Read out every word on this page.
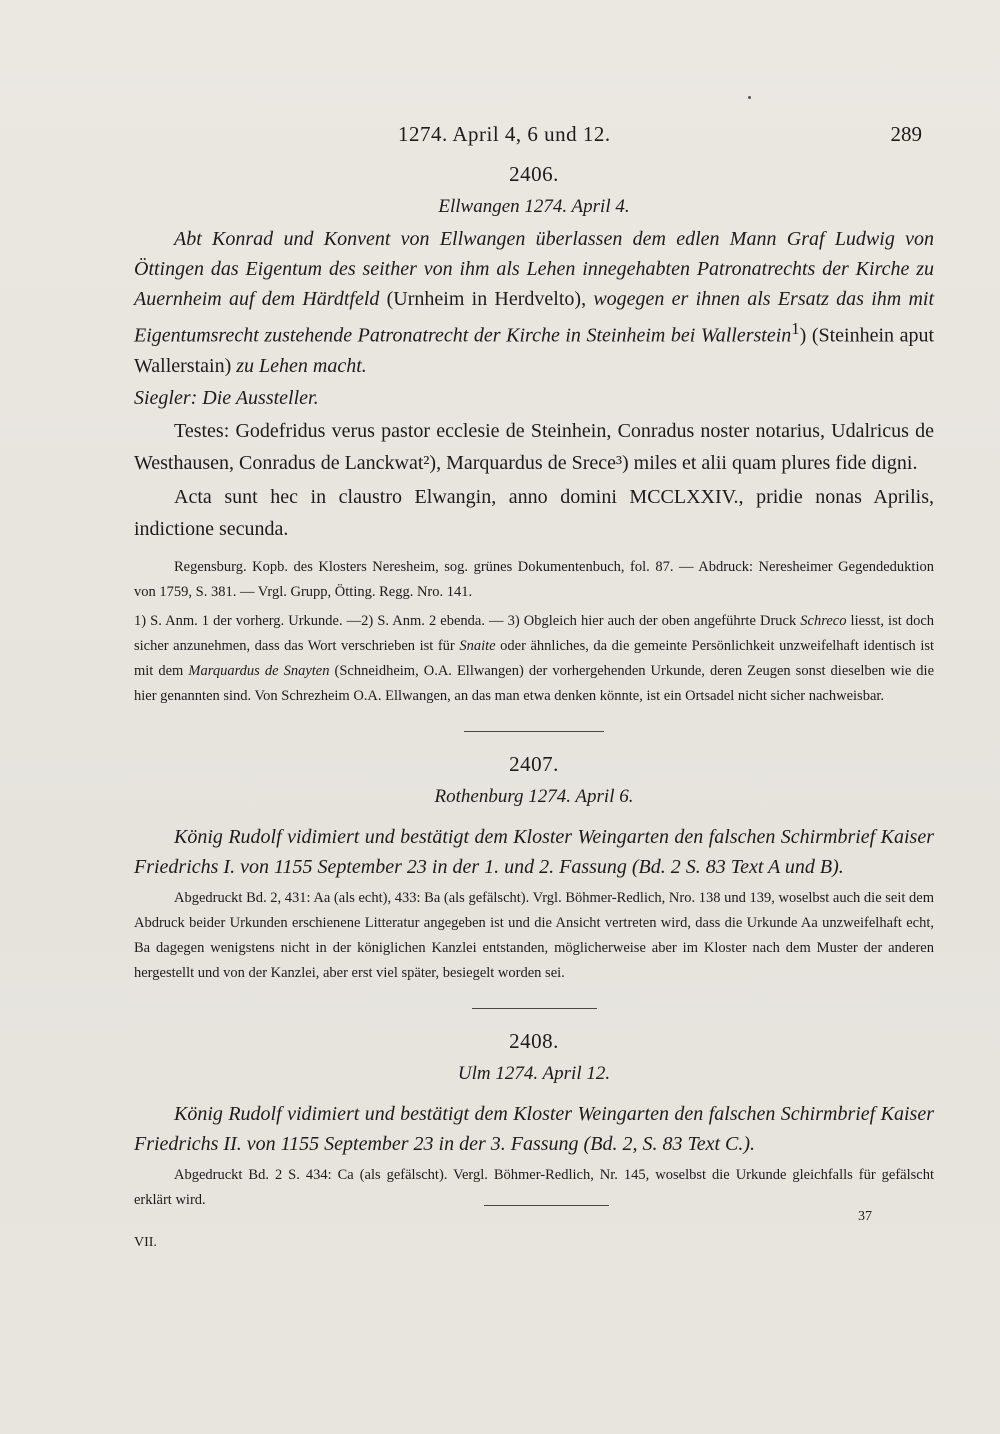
1274. April 4, 6 und 12.	289
2406.
Ellwangen 1274. April 4.
Abt Konrad und Konvent von Ellwangen überlassen dem edlen Mann Graf Ludwig von Öttingen das Eigentum des seither von ihm als Lehen innegehabten Patronatrechts der Kirche zu Auernheim auf dem Härdtfeld (Urnheim in Herdvelto), wogegen er ihnen als Ersatz das ihm mit Eigentumsrecht zustehende Patronatrecht der Kirche in Steinheim bei Wallerstein$^1$) (Steinhein aput Wallerstain) zu Lehen macht.
Siegler: Die Aussteller.
Testes: Godefridus verus pastor ecclesie de Steinhein, Conradus noster notarius, Udalricus de Westhausen, Conradus de Lanckwat²), Marquardus de Srece³) miles et alii quam plures fide digni.
Acta sunt hec in claustro Elwangin, anno domini MCCLXXIV., pridie nonas Aprilis, indictione secunda.
Regensburg. Kopb. des Klosters Neresheim, sog. grünes Dokumentenbuch, fol. 87. — Abdruck: Neresheimer Gegendeduktion von 1759, S. 381. — Vrgl. Grupp, Ötting. Regg. Nro. 141.
1) S. Anm. 1 der vorherg. Urkunde. —2) S. Anm. 2 ebenda. — 3) Obgleich hier auch der oben angeführte Druck Schreco liesst, ist doch sicher anzunehmen, dass das Wort verschrieben ist für Snaite oder ähnliches, da die gemeinte Persönlichkeit unzweifelhaft identisch ist mit dem Marquardus de Snayten (Schneidheim, O.A. Ellwangen) der vorhergehenden Urkunde, deren Zeugen sonst dieselben wie die hier genannten sind. Von Schrezheim O.A. Ellwangen, an das man etwa denken könnte, ist ein Ortsadel nicht sicher nachweisbar.
2407.
Rothenburg 1274. April 6.
König Rudolf vidimiert und bestätigt dem Kloster Weingarten den falschen Schirmbrief Kaiser Friedrichs I. von 1155 September 23 in der 1. und 2. Fassung (Bd. 2 S. 83 Text A und B).
Abgedruckt Bd. 2, 431: Aa (als echt), 433: Ba (als gefälscht). Vrgl. Böhmer-Redlich, Nro. 138 und 139, woselbst auch die seit dem Abdruck beider Urkunden erschienene Litteratur angegeben ist und die Ansicht vertreten wird, dass die Urkunde Aa unzweifelhaft echt, Ba dagegen wenigstens nicht in der königlichen Kanzlei entstanden, möglicherweise aber im Kloster nach dem Muster der anderen hergestellt und von der Kanzlei, aber erst viel später, besiegelt worden sei.
2408.
Ulm 1274. April 12.
König Rudolf vidimiert und bestätigt dem Kloster Weingarten den falschen Schirmbrief Kaiser Friedrichs II. von 1155 September 23 in der 3. Fassung (Bd. 2, S. 83 Text C.).
Abgedruckt Bd. 2 S. 434: Ca (als gefälscht). Vergl. Böhmer-Redlich, Nr. 145, woselbst die Urkunde gleichfalls für gefälscht erklärt wird.
VII.
37
